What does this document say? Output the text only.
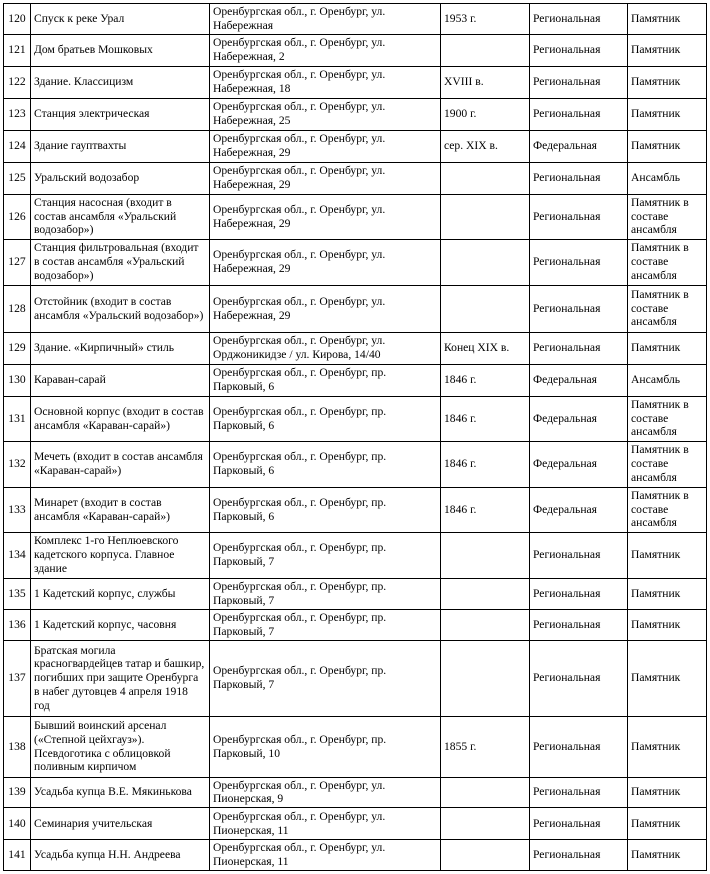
120	Спуск к реке Урал	Оренбургская обл., г. Оренбург, ул. Набережная	1953 г.	Региональная	Памятник
121	Дом братьев Мошковых	Оренбургская обл., г. Оренбург, ул. Набережная, 2		Региональная	Памятник
122	Здание. Классицизм	Оренбургская обл., г. Оренбург, ул. Набережная, 18	XVIII в.	Региональная	Памятник
123	Станция электрическая	Оренбургская обл., г. Оренбург, ул. Набережная, 25	1900 г.	Региональная	Памятник
124	Здание гауптвахты	Оренбургская обл., г. Оренбург, ул. Набережная, 29	сер. XIX в.	Федеральная	Памятник
125	Уральский водозабор	Оренбургская обл., г. Оренбург, ул. Набережная, 29		Региональная	Ансамбль
126	Станция насосная (входит в состав ансамбля «Уральский водозабор»)	Оренбургская обл., г. Оренбург, ул. Набережная, 29		Региональная	Памятник в составе ансамбля
127	Станция фильтровальная (входит в состав ансамбля «Уральский водозабор»)	Оренбургская обл., г. Оренбург, ул. Набережная, 29		Региональная	Памятник в составе ансамбля
128	Отстойник (входит в состав ансамбля «Уральский водозабор»)	Оренбургская обл., г. Оренбург, ул. Набережная, 29		Региональная	Памятник в составе ансамбля
129	Здание. «Кирпичный» стиль	Оренбургская обл., г. Оренбург, ул. Орджоникидзе / ул. Кирова, 14/40	Конец XIX в.	Региональная	Памятник
130	Караван-сарай	Оренбургская обл., г. Оренбург, пр. Парковый, 6	1846 г.	Федеральная	Ансамбль
131	Основной корпус (входит в состав ансамбля «Караван-сарай»)	Оренбургская обл., г. Оренбург, пр. Парковый, 6	1846 г.	Федеральная	Памятник в составе ансамбля
132	Мечеть (входит в состав ансамбля «Караван-сарай»)	Оренбургская обл., г. Оренбург, пр. Парковый, 6	1846 г.	Федеральная	Памятник в составе ансамбля
133	Минарет (входит в состав ансамбля «Караван-сарай»)	Оренбургская обл., г. Оренбург, пр. Парковый, 6	1846 г.	Федеральная	Памятник в составе ансамбля
134	Комплекс 1-го Неплюевского кадетского корпуса. Главное здание	Оренбургская обл., г. Оренбург, пр. Парковый, 7		Региональная	Памятник
135	1 Кадетский корпус, службы	Оренбургская обл., г. Оренбург, пр. Парковый, 7		Региональная	Памятник
136	1 Кадетский корпус, часовня	Оренбургская обл., г. Оренбург, пр. Парковый, 7		Региональная	Памятник
137	Братская могила красногвардейцев татар и башкир, погибших при защите Оренбурга в набег дутовцев 4 апреля 1918 год	Оренбургская обл., г. Оренбург, пр. Парковый, 7		Региональная	Памятник
138	Бывший воинский арсенал («Степной цейхгауз»). Псевдоготика с облицовкой поливным кирпичом	Оренбургская обл., г. Оренбург, пр. Парковый, 10	1855 г.	Региональная	Памятник
139	Усадьба купца В.Е. Мякинькова	Оренбургская обл., г. Оренбург, ул. Пионерская, 9		Региональная	Памятник
140	Семинария учительская	Оренбургская обл., г. Оренбург, ул. Пионерская, 11		Региональная	Памятник
141	Усадьба купца Н.Н. Андреева	Оренбургская обл., г. Оренбург, ул. Пионерская, 11		Региональная	Памятник
